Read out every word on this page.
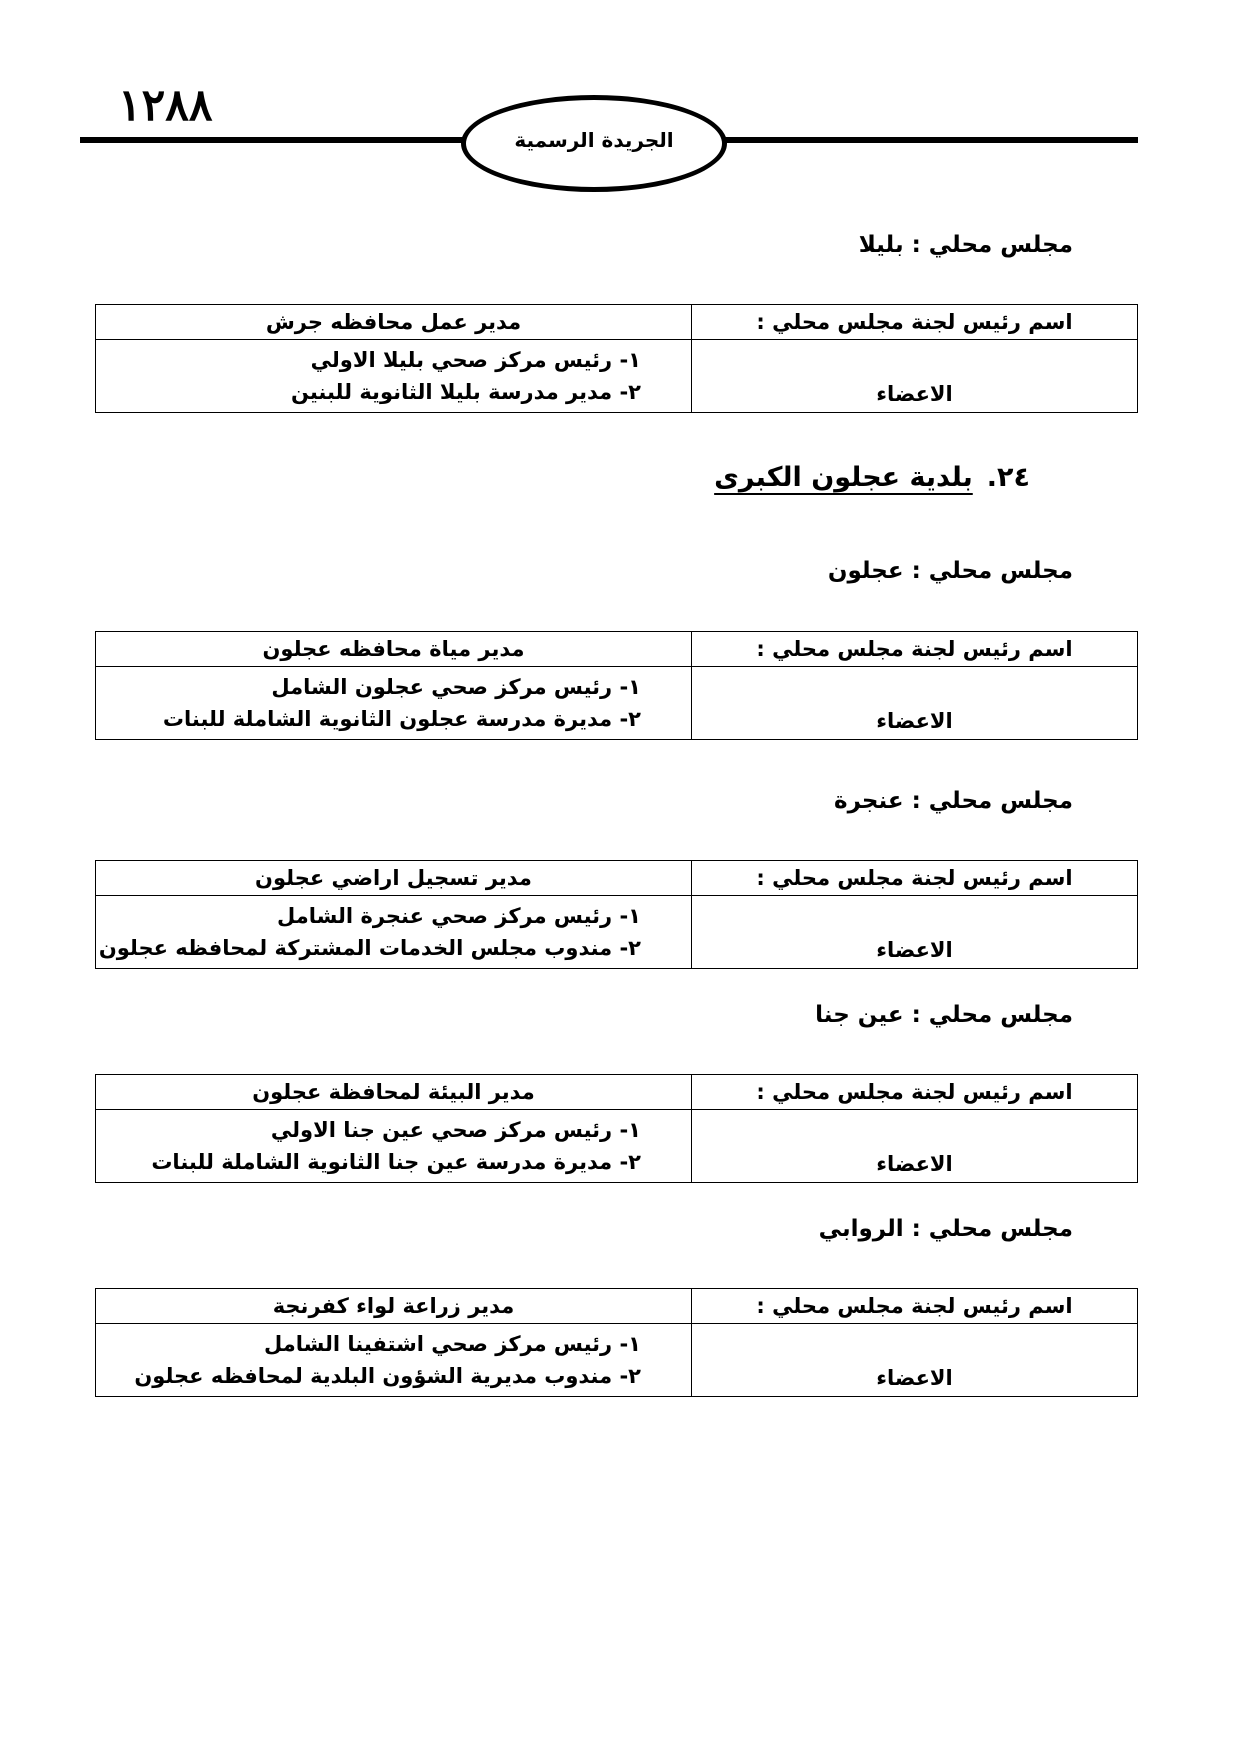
١٢٨٨
الجريدة الرسمية
مجلس محلي : بليلا
اسم رئيس لجنة مجلس محلي :	مدير عمل محافظه جرش
الاعضاء	١- رئيس مركز صحي بليلا الاولي
٢- مدير مدرسة بليلا الثانوية للبنين
٢٤.بلدية عجلون الكبرى
مجلس محلي : عجلون
اسم رئيس لجنة مجلس محلي :	مدير مياة محافظه عجلون
الاعضاء	١- رئيس مركز صحي عجلون الشامل
٢- مديرة مدرسة عجلون الثانوية الشاملة للبنات
مجلس محلي : عنجرة
اسم رئيس لجنة مجلس محلي :	مدير تسجيل اراضي عجلون
الاعضاء	١- رئيس مركز صحي عنجرة الشامل
٢- مندوب مجلس الخدمات المشتركة لمحافظه عجلون
مجلس محلي : عين جنا
اسم رئيس لجنة مجلس محلي :	مدير البيئة لمحافظة عجلون
الاعضاء	١- رئيس مركز صحي عين جنا الاولي
٢- مديرة مدرسة عين جنا الثانوية الشاملة للبنات
مجلس محلي : الروابي
اسم رئيس لجنة مجلس محلي :	مدير زراعة لواء كفرنجة
الاعضاء	١- رئيس مركز صحي اشتفينا الشامل
٢- مندوب مديرية الشؤون البلدية لمحافظه عجلون
